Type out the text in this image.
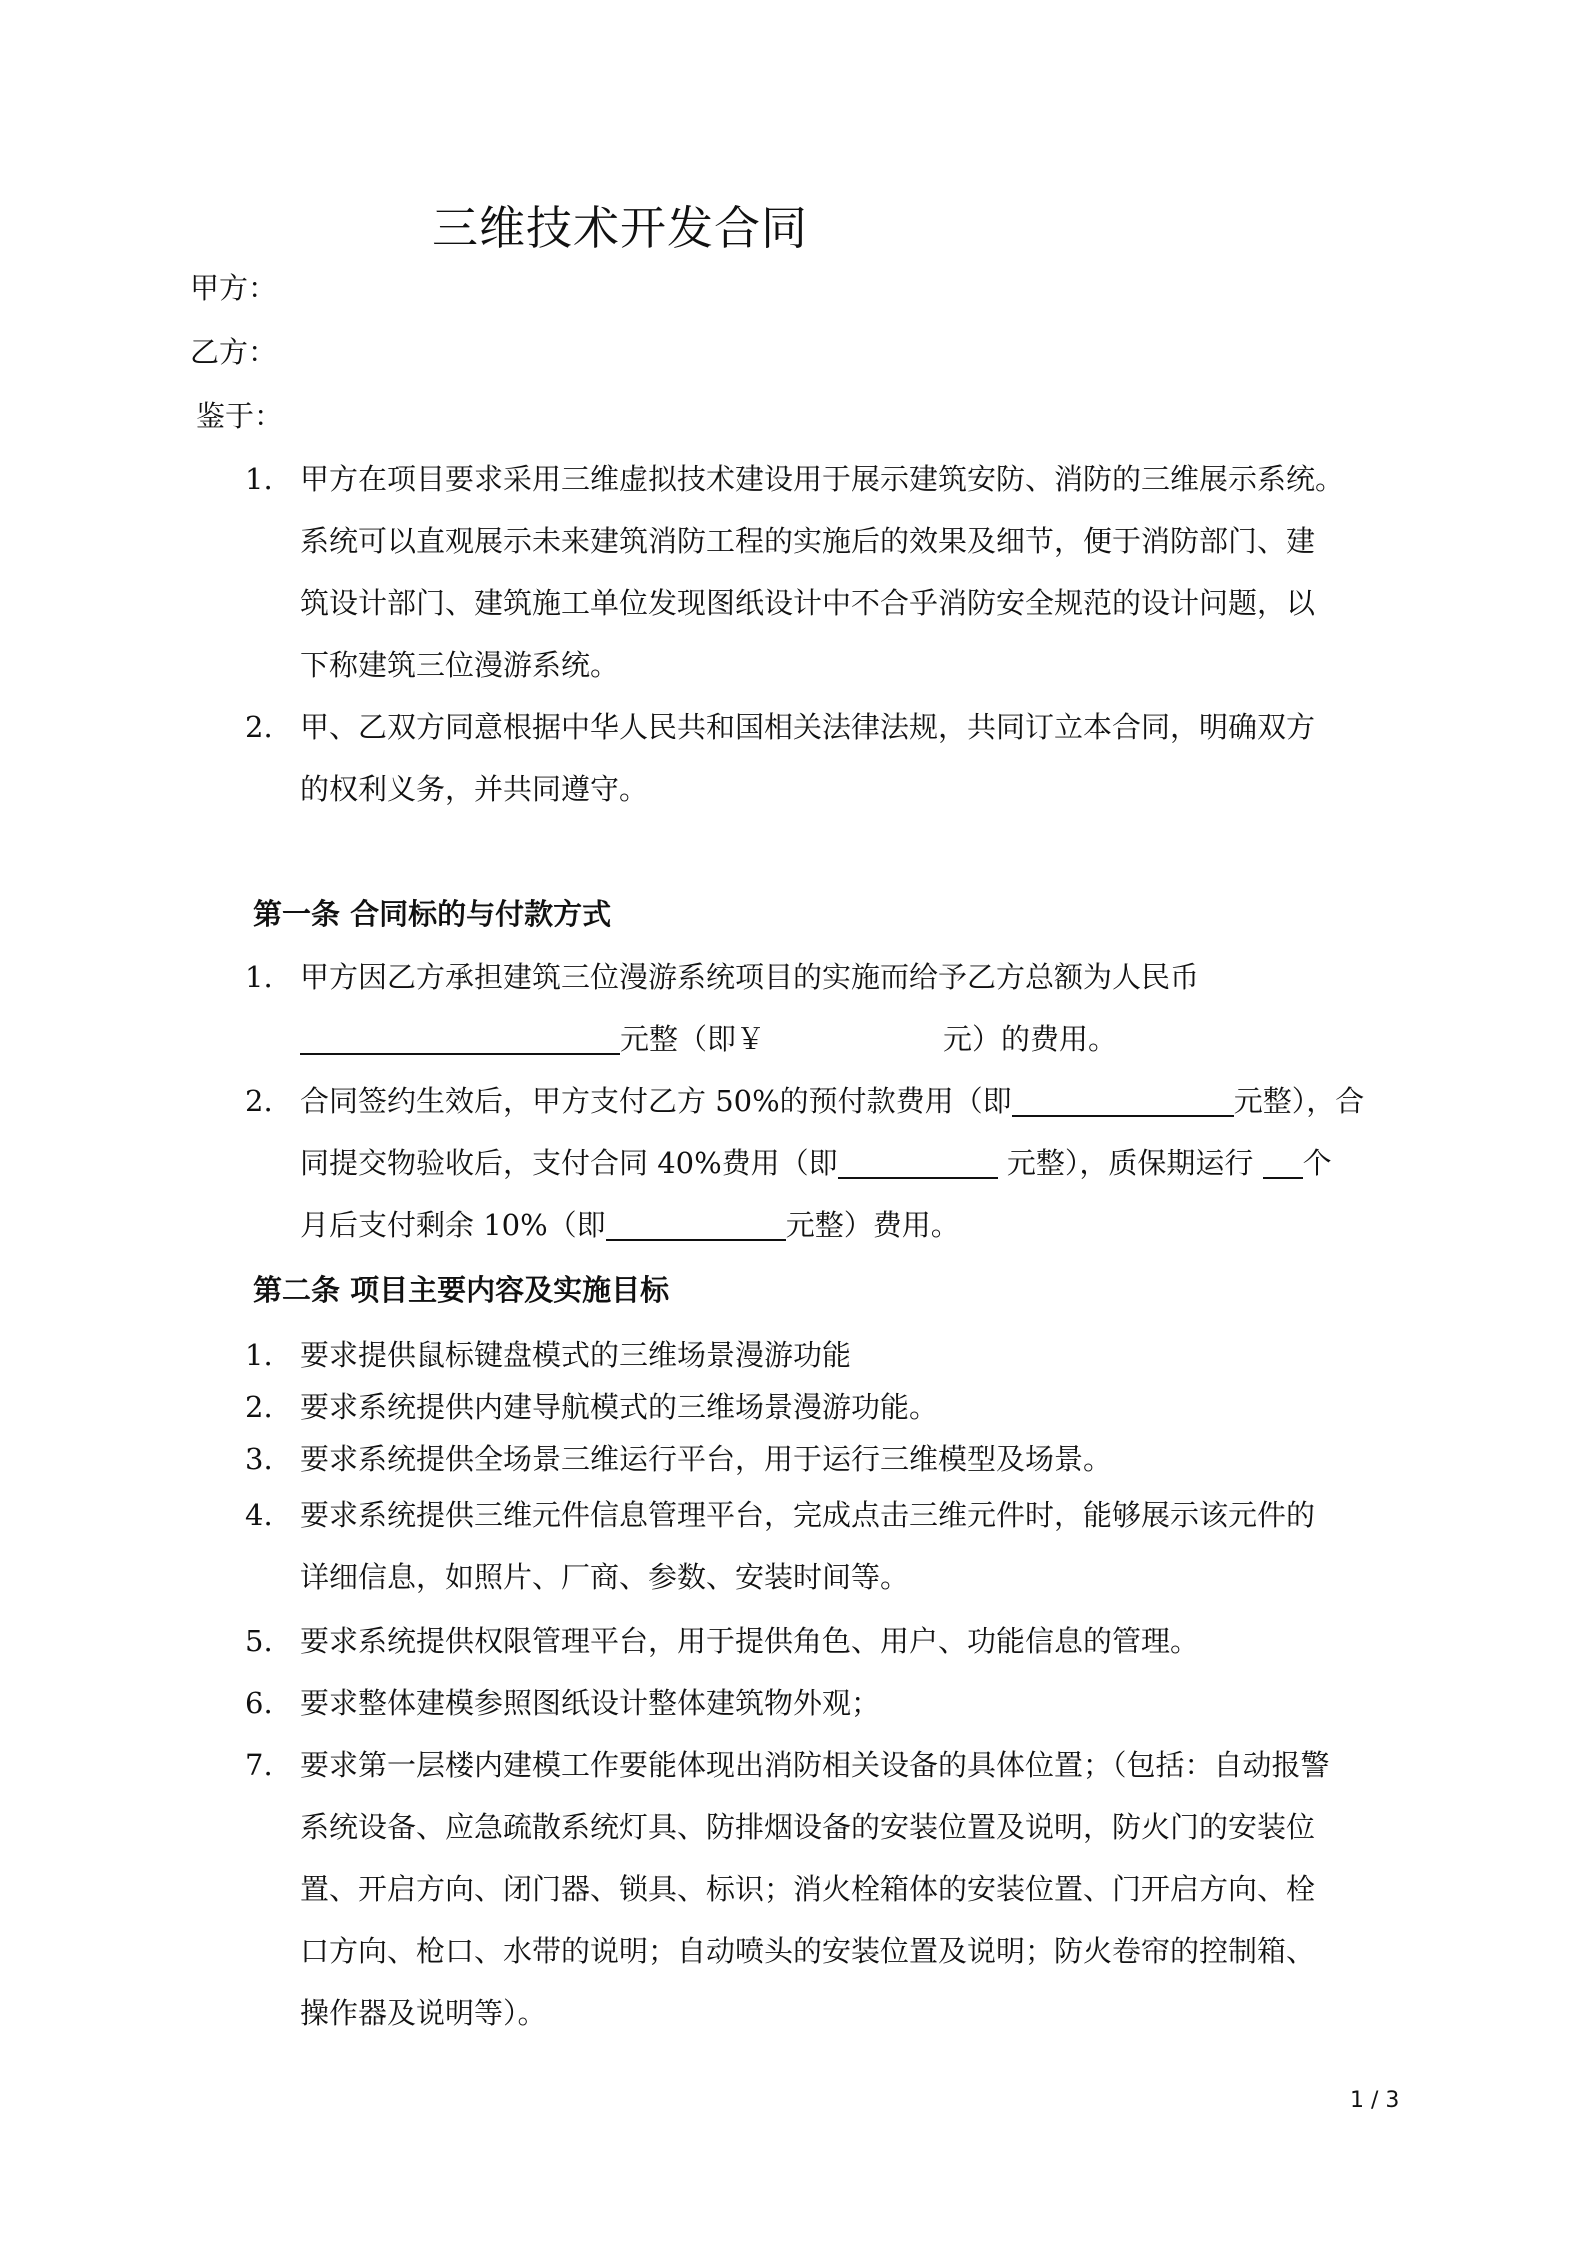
三维技术开发合同
甲方：
乙方：
鉴于：
1. 甲方在项目要求采用三维虚拟技术建设用于展示建筑安防、消防的三维展示系统。
系统可以直观展示未来建筑消防工程的实施后的效果及细节，便于消防部门、建
筑设计部门、建筑施工单位发现图纸设计中不合乎消防安全规范的设计问题，以
下称建筑三位漫游系统。
2. 甲、乙双方同意根据中华人民共和国相关法律法规，共同订立本合同，明确双方
的权利义务，并共同遵守。
第一条 合同标的与付款方式
1. 甲方因乙方承担建筑三位漫游系统项目的实施而给予乙方总额为人民币
元整（即￥	元）的费用。
2. 合同签约生效后，甲方支付乙方 50%的预付款费用（即	元整），合
同提交物验收后，支付合同 40%费用（即	元整），质保期运行 个
月后支付剩余 10%（即	元整）费用。
第二条 项目主要内容及实施目标
1. 要求提供鼠标键盘模式的三维场景漫游功能
2. 要求系统提供内建导航模式的三维场景漫游功能。
3. 要求系统提供全场景三维运行平台，用于运行三维模型及场景。
4. 要求系统提供三维元件信息管理平台，完成点击三维元件时，能够展示该元件的
详细信息，如照片、厂商、参数、安装时间等。
5. 要求系统提供权限管理平台，用于提供角色、用户、功能信息的管理。
6. 要求整体建模参照图纸设计整体建筑物外观；
7. 要求第一层楼内建模工作要能体现出消防相关设备的具体位置；（包括：自动报警
系统设备、应急疏散系统灯具、防排烟设备的安装位置及说明，防火门的安装位
置、开启方向、闭门器、锁具、标识；消火栓箱体的安装位置、门开启方向、栓
口方向、枪口、水带的说明；自动喷头的安装位置及说明；防火卷帘的控制箱、
操作器及说明等）。
1 / 3
